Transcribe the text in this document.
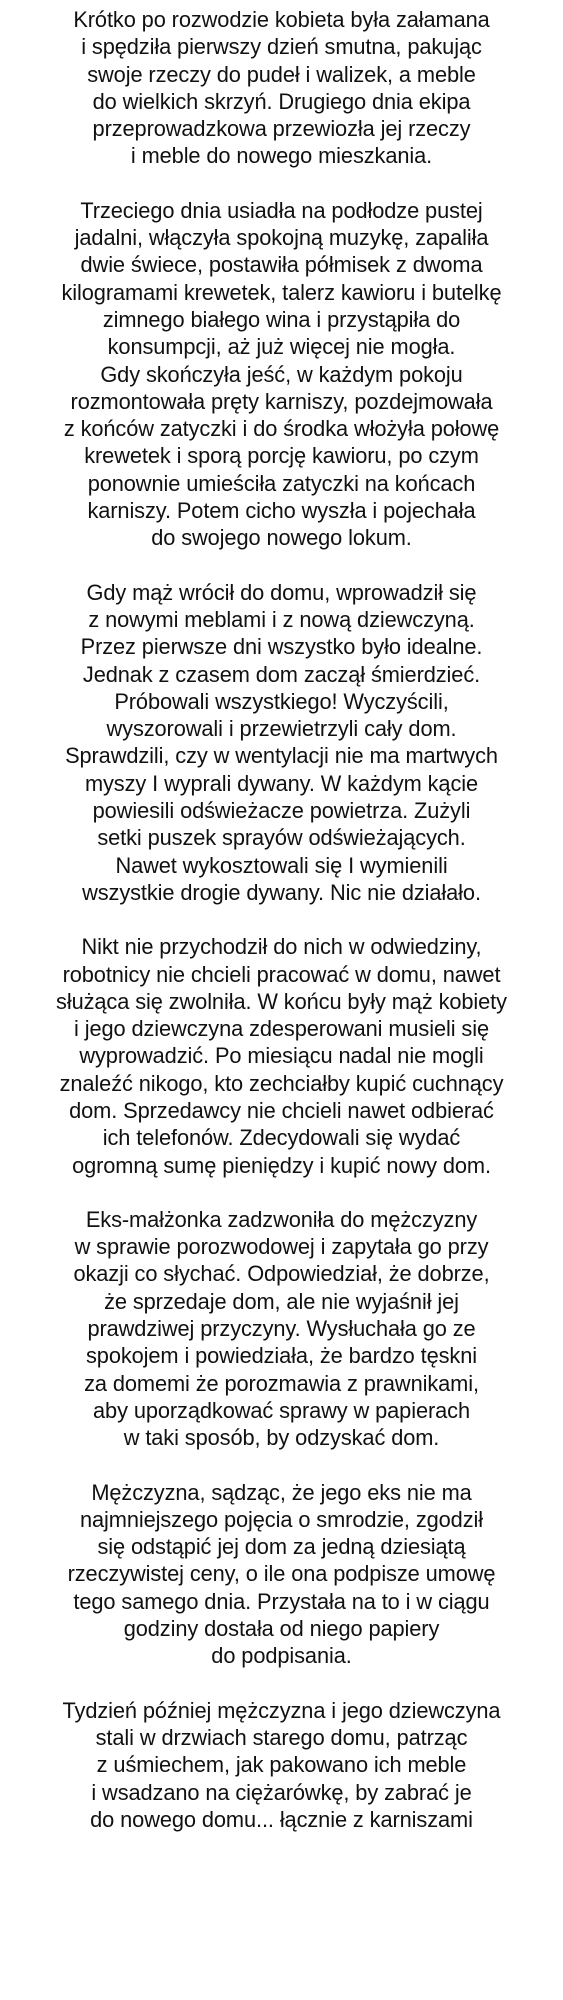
Krótko po rozwodzie kobieta była załamana
i spędziła pierwszy dzień smutna, pakując
swoje rzeczy do pudeł i walizek, a meble
do wielkich skrzyń. Drugiego dnia ekipa
przeprowadzkowa przewiozła jej rzeczy
i meble do nowego mieszkania.
Trzeciego dnia usiadła na podłodze pustej
jadalni, włączyła spokojną muzykę, zapaliła
dwie świece, postawiła półmisek z dwoma
kilogramami krewetek, talerz kawioru i butelkę
zimnego białego wina i przystąpiła do
konsumpcji, aż już więcej nie mogła.
Gdy skończyła jeść, w każdym pokoju
rozmontowała pręty karniszy, pozdejmowała
z końców zatyczki i do środka włożyła połowę
krewetek i sporą porcję kawioru, po czym
ponownie umieściła zatyczki na końcach
karniszy. Potem cicho wyszła i pojechała
do swojego nowego lokum.
Gdy mąż wrócił do domu, wprowadził się
z nowymi meblami i z nową dziewczyną.
Przez pierwsze dni wszystko było idealne.
Jednak z czasem dom zaczął śmierdzieć.
Próbowali wszystkiego! Wyczyścili,
wyszorowali i przewietrzyli cały dom.
Sprawdzili, czy w wentylacji nie ma martwych
myszy I wyprali dywany. W każdym kącie
powiesili odświeżacze powietrza. Zużyli
setki puszek sprayów odświeżających.
Nawet wykosztowali się I wymienili
wszystkie drogie dywany. Nic nie działało.
Nikt nie przychodził do nich w odwiedziny,
robotnicy nie chcieli pracować w domu, nawet
służąca się zwolniła. W końcu były mąż kobiety
i jego dziewczyna zdesperowani musieli się
wyprowadzić. Po miesiącu nadal nie mogli
znaleźć nikogo, kto zechciałby kupić cuchnący
dom. Sprzedawcy nie chcieli nawet odbierać
ich telefonów. Zdecydowali się wydać
ogromną sumę pieniędzy i kupić nowy dom.
Eks-małżonka zadzwoniła do mężczyzny
w sprawie porozwodowej i zapytała go przy
okazji co słychać. Odpowiedział, że dobrze,
że sprzedaje dom, ale nie wyjaśnił jej
prawdziwej przyczyny. Wysłuchała go ze
spokojem i powiedziała, że bardzo tęskni
za domemi że porozmawia z prawnikami,
aby uporządkować sprawy w papierach
w taki sposób, by odzyskać dom.
Mężczyzna, sądząc, że jego eks nie ma
najmniejszego pojęcia o smrodzie, zgodził
się odstąpić jej dom za jedną dziesiątą
rzeczywistej ceny, o ile ona podpisze umowę
tego samego dnia. Przystała na to i w ciągu
godziny dostała od niego papiery
do podpisania.
Tydzień później mężczyzna i jego dziewczyna
stali w drzwiach starego domu, patrząc
z uśmiechem, jak pakowano ich meble
i wsadzano na ciężarówkę, by zabrać je
do nowego domu... łącznie z karniszami
